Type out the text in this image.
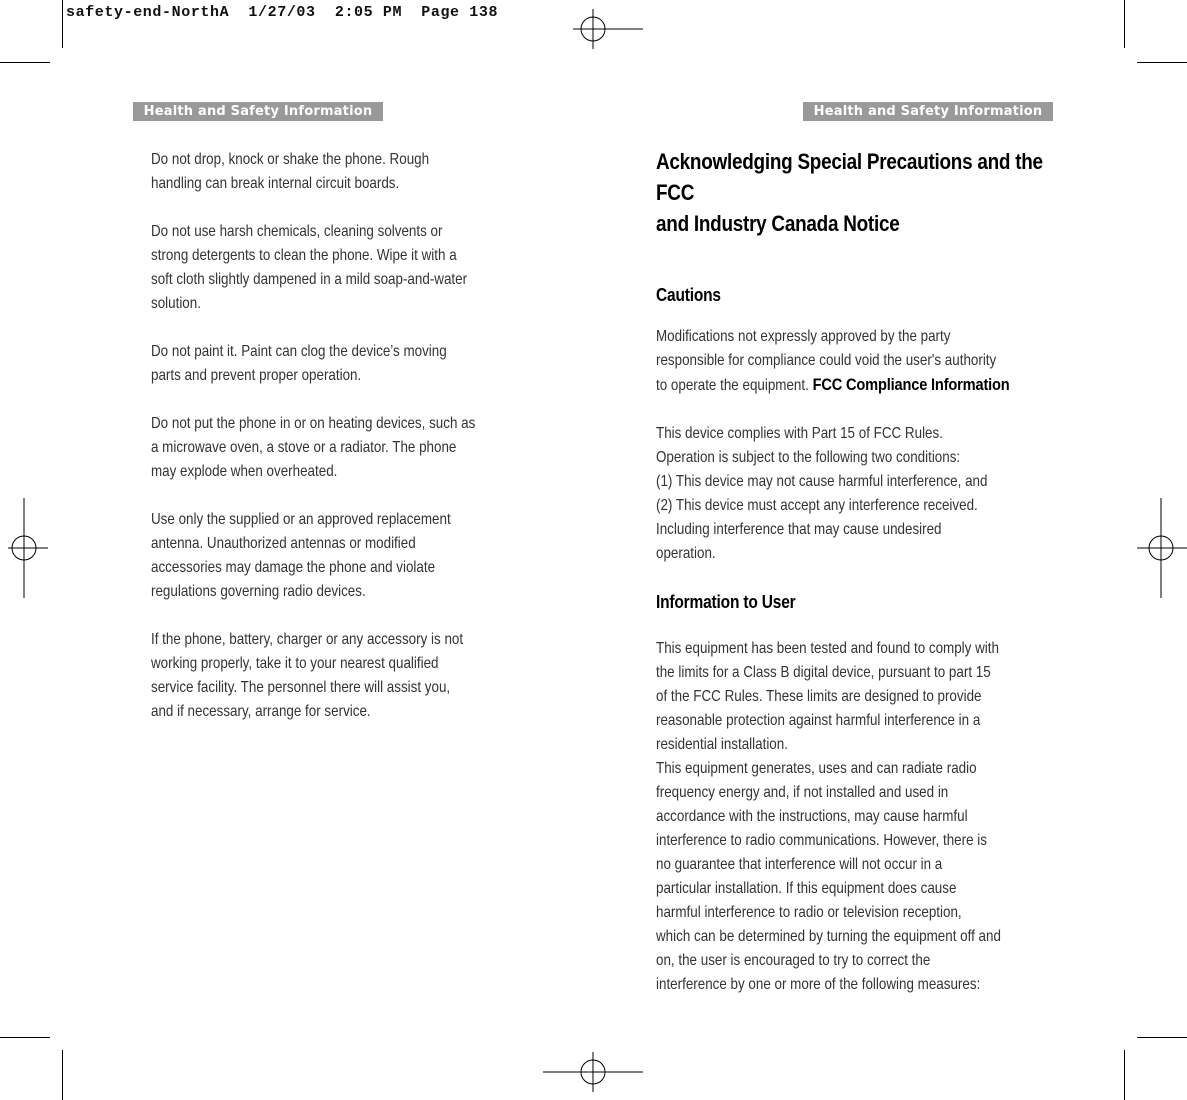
safety-end-NorthA  1/27/03  2:05 PM  Page 138
Health and Safety Information	Health and Safety Information

Do not drop, knock or shake the phone. Rough
handling can break internal circuit boards.

Do not use harsh chemicals, cleaning solvents or
strong detergents to clean the phone. Wipe it with a
soft cloth slightly dampened in a mild soap-and-water
solution.

Do not paint it. Paint can clog the device’s moving
parts and prevent proper operation.

Do not put the phone in or on heating devices, such as
a microwave oven, a stove or a radiator. The phone
may explode when overheated.

Use only the supplied or an approved replacement
antenna. Unauthorized antennas or modified
accessories may damage the phone and violate
regulations governing radio devices.

If the phone, battery, charger or any accessory is not
working properly, take it to your nearest qualified
service facility. The personnel there will assist you,
and if necessary, arrange for service.

Acknowledging Special Precautions and the FCC
and Industry Canada Notice
Cautions

Modifications not expressly approved by the party
responsible for compliance could void the user's authority
to operate the equipment. FCC Compliance Information

This device complies with Part 15 of FCC Rules.
Operation is subject to the following two conditions:
(1) This device may not cause harmful interference, and
(2) This device must accept any interference received.
Including interference that may cause undesired
operation.

Information to User

This equipment has been tested and found to comply with
the limits for a Class B digital device, pursuant to part 15
of the FCC Rules. These limits are designed to provide
reasonable protection against harmful interference in a
residential installation.
This equipment generates, uses and can radiate radio
frequency energy and, if not installed and used in
accordance with the instructions, may cause harmful
interference to radio communications. However, there is
no guarantee that interference will not occur in a
particular installation. If this equipment does cause
harmful interference to radio or television reception,
which can be determined by turning the equipment off and
on, the user is encouraged to try to correct the
interference by one or more of the following measures:
